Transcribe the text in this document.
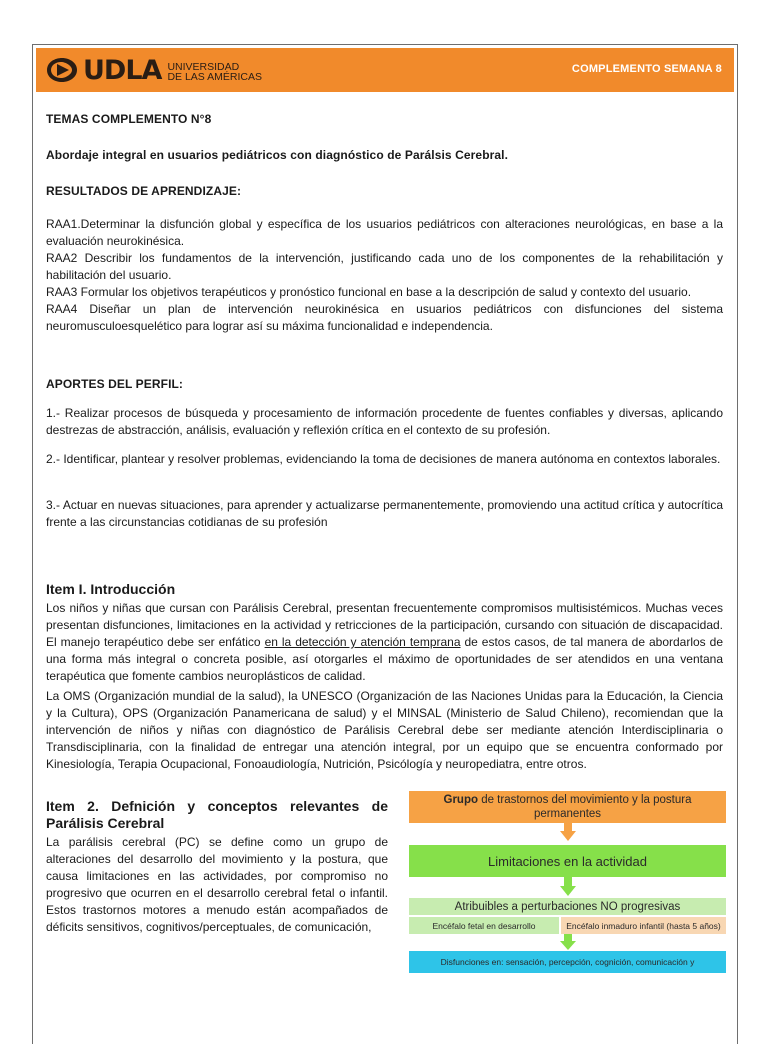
UDLA UNIVERSIDAD
DE LAS AMÉRICAS
COMPLEMENTO SEMANA 8

TEMAS COMPLEMENTO N°8

Abordaje integral en usuarios pediátricos con diagnóstico de Parálsis Cerebral.

RESULTADOS DE APRENDIZAJE:

RAA1.Determinar la disfunción global y específica de los usuarios pediátricos con alteraciones neurológicas, en base a la evaluación neurokinésica.

RAA2 Describir los fundamentos de la intervención, justificando cada uno de los componentes de la rehabilitación y habilitación del usuario.

RAA3 Formular los objetivos terapéuticos y pronóstico funcional en base a la descripción de salud y contexto del usuario.

RAA4 Diseñar un plan de intervención neurokinésica en usuarios pediátricos con disfunciones del sistema neuromusculoesquelético para lograr así su máxima funcionalidad e independencia.

APORTES DEL PERFIL:

1.- Realizar procesos de búsqueda y procesamiento de información procedente de fuentes confiables y diversas, aplicando destrezas de abstracción, análisis, evaluación y reflexión crítica en el contexto de su profesión.

2.- Identificar, plantear y resolver problemas, evidenciando la toma de decisiones de manera autónoma en contextos laborales.

3.- Actuar en nuevas situaciones, para aprender y actualizarse permanentemente, promoviendo una actitud crítica y autocrítica frente a las circunstancias cotidianas de su profesión

Item I. Introducción

Los niños y niñas que cursan con Parálisis Cerebral, presentan frecuentemente compromisos multisistémicos. Muchas veces presentan disfunciones, limitaciones en la actividad y retricciones de la participación, cursando con situación de discapacidad. El manejo terapéutico debe ser enfático en la detección y atención temprana de estos casos, de tal manera de abordarlos de una forma más integral o concreta posible, así otorgarles el máximo de oportunidades de ser atendidos en una ventana terapéutica que fomente cambios neuroplásticos de calidad.

La OMS (Organización mundial de la salud), la UNESCO (Organización de las Naciones Unidas para la Educación, la Ciencia y la Cultura), OPS (Organización Panamericana de salud) y el MINSAL (Ministerio de Salud Chileno), recomiendan que la intervención de niños y niñas con diagnóstico de Parálisis Cerebral debe ser mediante atención Interdisciplinaria o Transdisciplinaria, con la finalidad de entregar una atención integral, por un equipo que se encuentra conformado por Kinesiología, Terapia Ocupacional, Fonoaudiología, Nutrición, Psicólogía y neuropediatra, entre otros.

Item 2. Defnición y conceptos relevantes de Parálisis Cerebral

La parálisis cerebral (PC) se define como un grupo de alteraciones del desarrollo del movimiento y la postura, que causa limitaciones en las actividades, por compromiso no progresivo que ocurren en el desarrollo cerebral fetal o infantil. Estos trastornos motores a menudo están acompañados de déficits sensitivos, cognitivos/perceptuales, de comunicación,

Grupo de trastornos del movimiento y la postura permanentes
Limitaciones en la actividad
Atribuibles a perturbaciones NO progresivas
Encéfalo fetal en desarrollo	Encéfalo inmaduro infantil (hasta 5 años)
Disfunciones en: sensación, percepción, cognición, comunicación y
